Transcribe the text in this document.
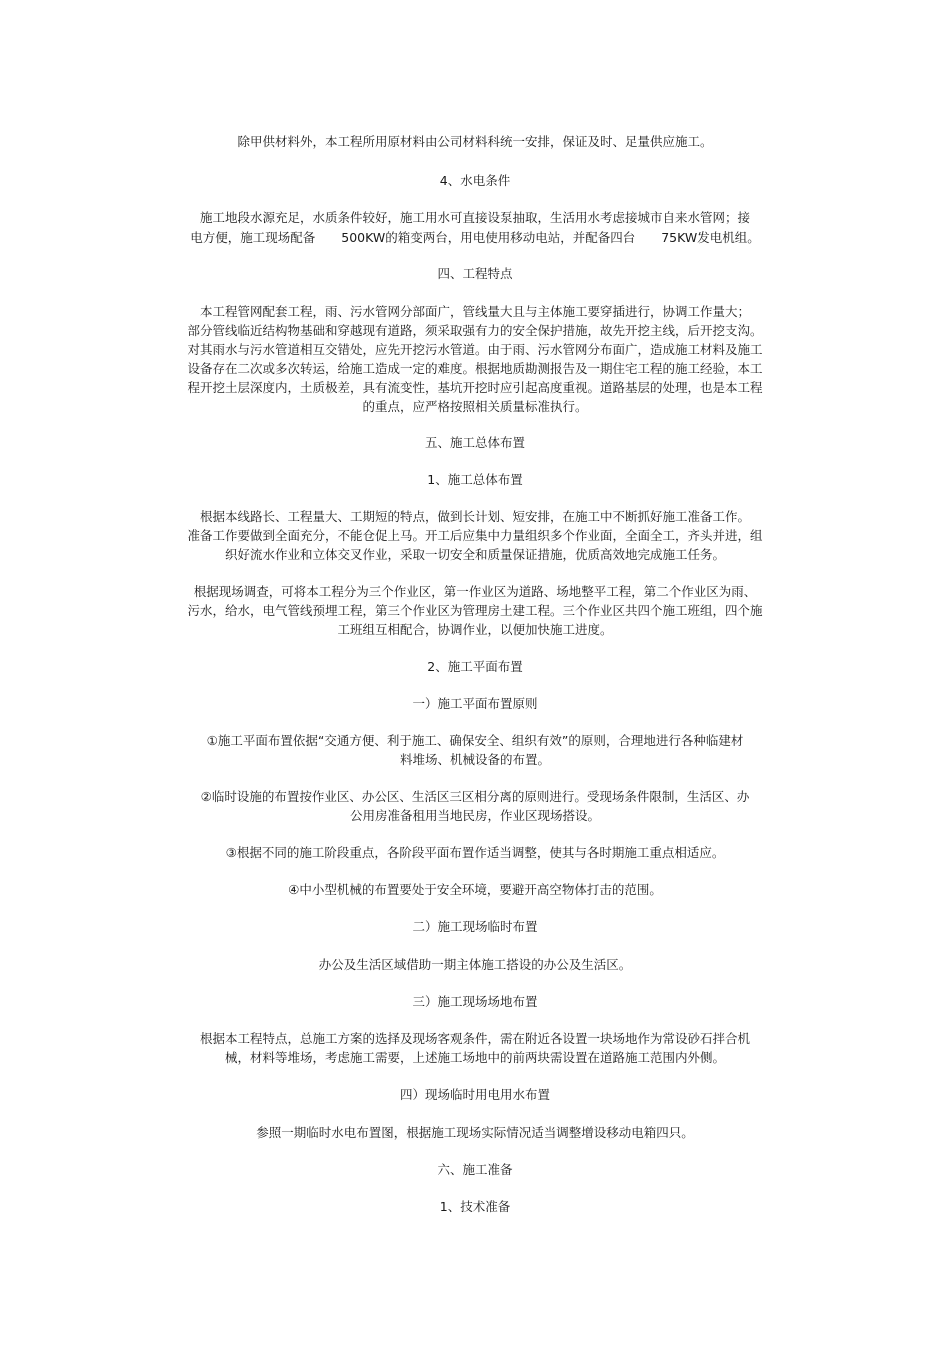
除甲供材料外，本工程所用原材料由公司材料科统一安排，保证及时、足量供应施工。
4、水电条件
施工地段水源充足，水质条件较好，施工用水可直接设泵抽取，生活用水考虑接城市自来水管网；接
电方便，施工现场配备 500KW的箱变两台，用电使用移动电站，并配备四台 75KW发电机组。
四、工程特点
本工程管网配套工程，雨、污水管网分部面广，管线量大且与主体施工要穿插进行，协调工作量大；
部分管线临近结构物基础和穿越现有道路，须采取强有力的安全保护措施，故先开挖主线，后开挖支沟。
对其雨水与污水管道相互交错处，应先开挖污水管道。由于雨、污水管网分布面广，造成施工材料及施工
设备存在二次或多次转运，给施工造成一定的难度。根据地质勘测报告及一期住宅工程的施工经验，本工
程开挖土层深度内，土质极差，具有流变性，基坑开挖时应引起高度重视。道路基层的处理，也是本工程
的重点，应严格按照相关质量标准执行。
五、施工总体布置
1、施工总体布置
根据本线路长、工程量大、工期短的特点，做到长计划、短安排，在施工中不断抓好施工准备工作。
准备工作要做到全面充分，不能仓促上马。开工后应集中力量组织多个作业面，全面全工，齐头并进，组
织好流水作业和立体交叉作业，采取一切安全和质量保证措施，优质高效地完成施工任务。
根据现场调查，可将本工程分为三个作业区，第一作业区为道路、场地整平工程，第二个作业区为雨、
污水，给水，电气管线预埋工程，第三个作业区为管理房土建工程。三个作业区共四个施工班组，四个施
工班组互相配合，协调作业，以便加快施工进度。
2、施工平面布置
一）施工平面布置原则
①施工平面布置依据“交通方便、利于施工、确保安全、组织有效”的原则，合理地进行各种临建材
料堆场、机械设备的布置。
②临时设施的布置按作业区、办公区、生活区三区相分离的原则进行。受现场条件限制，生活区、办
公用房准备租用当地民房，作业区现场搭设。
③根据不同的施工阶段重点，各阶段平面布置作适当调整，使其与各时期施工重点相适应。
④中小型机械的布置要处于安全环境，要避开高空物体打击的范围。
二）施工现场临时布置
办公及生活区域借助一期主体施工搭设的办公及生活区。
三）施工现场场地布置
根据本工程特点，总施工方案的选择及现场客观条件，需在附近各设置一块场地作为常设砂石拌合机
械，材料等堆场，考虑施工需要，上述施工场地中的前两块需设置在道路施工范围内外侧。
四）现场临时用电用水布置
参照一期临时水电布置图，根据施工现场实际情况适当调整增设移动电箱四只。
六、施工准备
1、技术准备
